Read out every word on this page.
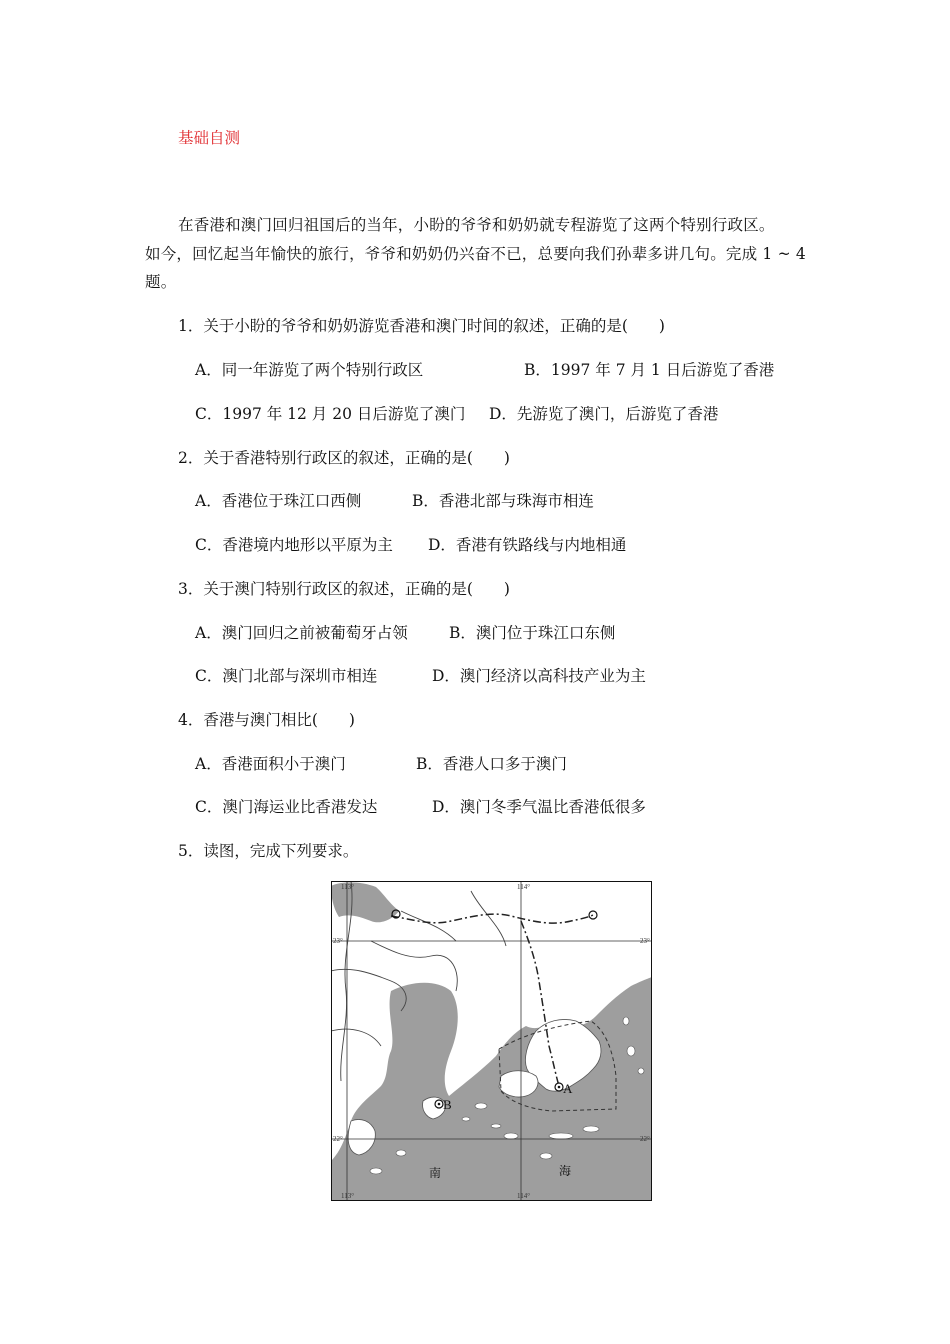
基础自测
在香港和澳门回归祖国后的当年，小盼的爷爷和奶奶就专程游览了这两个特别行政区。
如今，回忆起当年愉快的旅行，爷爷和奶奶仍兴奋不已，总要向我们孙辈多讲几句。完成 1 ~ 4
题。
1．关于小盼的爷爷和奶奶游览香港和澳门时间的叙述，正确的是(　　)
A．同一年游览了两个特别行政区	B．1997 年 7 月 1 日后游览了香港
C．1997 年 12 月 20 日后游览了澳门 D．先游览了澳门，后游览了香港
2．关于香港特别行政区的叙述，正确的是(　　)
A．香港位于珠江口西侧	B．香港北部与珠海市相连
C．香港境内地形以平原为主 D．香港有铁路线与内地相通
3．关于澳门特别行政区的叙述，正确的是(　　)
A．澳门回归之前被葡萄牙占领	B．澳门位于珠江口东侧
C．澳门北部与深圳市相连	D．澳门经济以高科技产业为主
4．香港与澳门相比(　　)
A．香港面积小于澳门	B．香港人口多于澳门
C．澳门海运业比香港发达	D．澳门冬季气温比香港低很多
5．读图，完成下列要求。
A
B
113°	114°
113°	114°
23°	23°
22°	22°
南	海
